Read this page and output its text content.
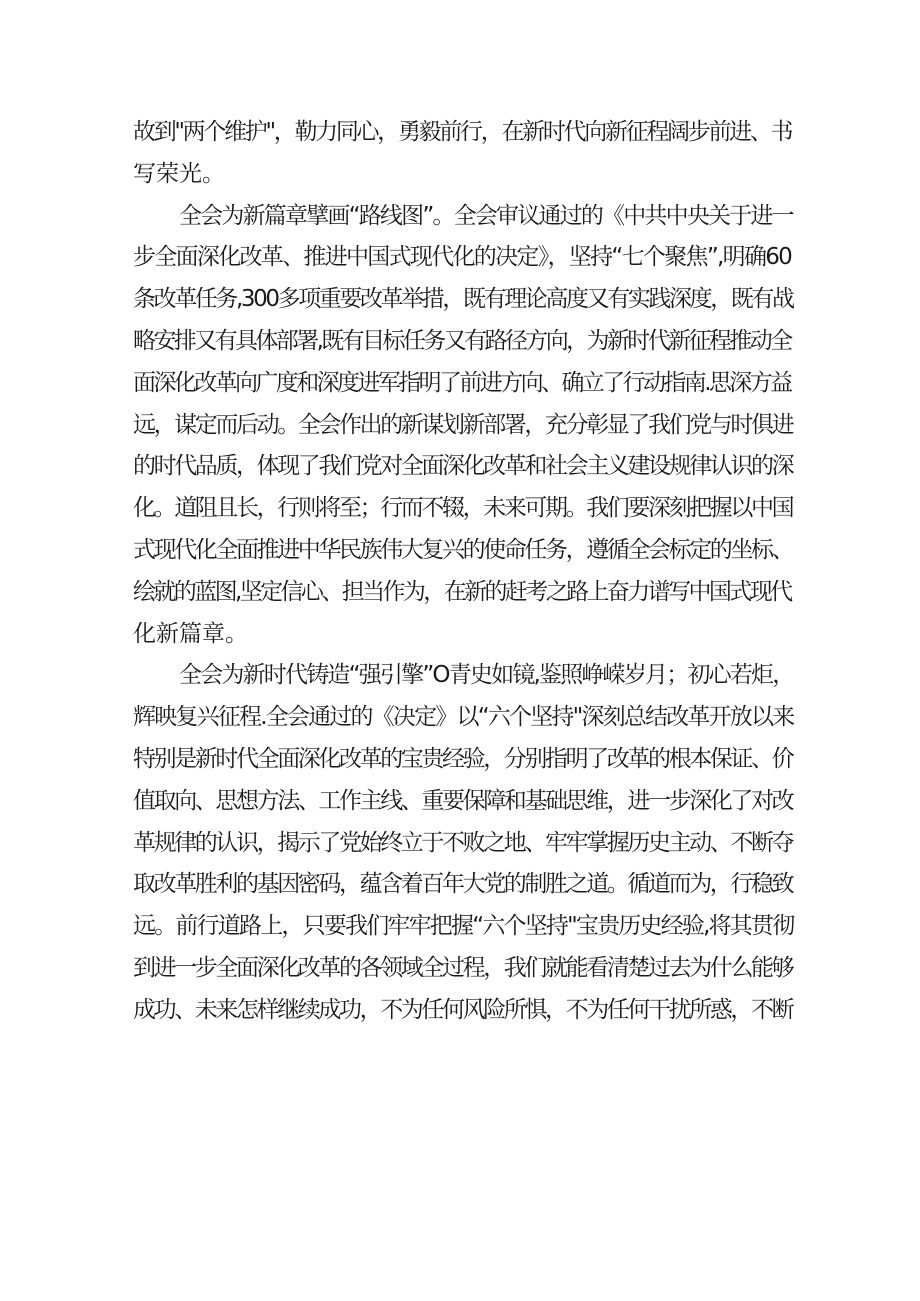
故到"两个维护"，勒力同心，勇毅前行，在新时代向新征程阔步前进、书
写荣光。

全会为新篇章擘画“路线图”。全会审议通过的《中共中央关于进一
步全面深化改革、推进中国式现代化的决定》，坚持“七个聚焦”,明确60
条改革任务,300多项重要改革举措，既有理论高度又有实践深度，既有战
略安排又有具体部署,既有目标任务又有路径方向，为新时代新征程推动全
面深化改革向广度和深度进军指明了前进方向、确立了行动指南.思深方益
远，谋定而后动。全会作出的新谋划新部署，充分彰显了我们党与时俱进
的时代品质，体现了我们党对全面深化改革和社会主义建设规律认识的深
化。道阻且长，行则将至；行而不辍，未来可期。我们要深刻把握以中国
式现代化全面推进中华民族伟大复兴的使命任务，遵循全会标定的坐标、
绘就的蓝图,坚定信心、担当作为，在新的赶考之路上奋力谱写中国式现代
化新篇章。

全会为新时代铸造“强引擎”O青史如镜,鉴照峥嵘岁月；初心若炬，
辉映复兴征程.全会通过的《决定》以“六个坚持"深刻总结改革开放以来
特别是新时代全面深化改革的宝贵经验，分别指明了改革的根本保证、价
值取向、思想方法、工作主线、重要保障和基础思维，进一步深化了对改
革规律的认识，揭示了党始终立于不败之地、牢牢掌握历史主动、不断夺
取改革胜利的基因密码，蕴含着百年大党的制胜之道。循道而为，行稳致
远。前行道路上，只要我们牢牢把握“六个坚持"宝贵历史经验,将其贯彻
到进一步全面深化改革的各领域全过程，我们就能看清楚过去为什么能够
成功、未来怎样继续成功，不为任何风险所惧，不为任何干扰所惑，不断
